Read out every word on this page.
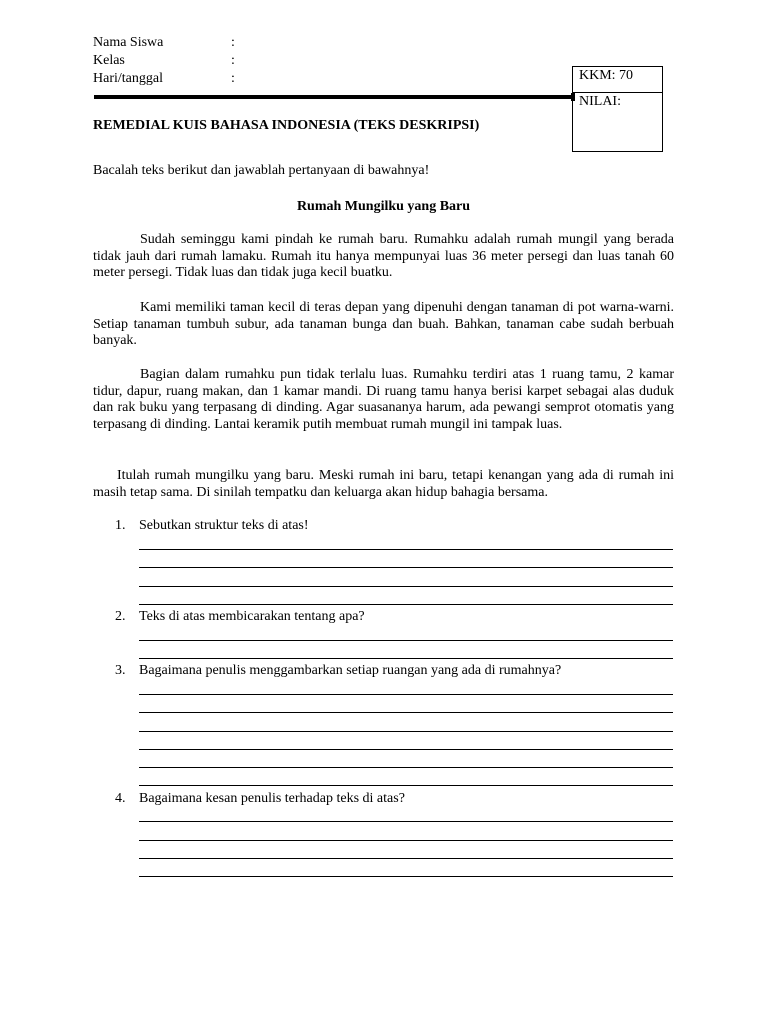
Nama Siswa	:
Kelas	:
Hari/tanggal	:	KKM: 70
NILAI:
REMEDIAL KUIS BAHASA INDONESIA (TEKS DESKRIPSI)
Bacalah teks berikut dan jawablah pertanyaan di bawahnya!
Rumah Mungilku yang Baru

Sudah seminggu kami pindah ke rumah baru. Rumahku adalah rumah mungil yang berada tidak jauh dari rumah lamaku. Rumah itu hanya mempunyai luas 36 meter persegi dan luas tanah 60 meter persegi. Tidak luas dan tidak juga kecil buatku.

Kami memiliki taman kecil di teras depan yang dipenuhi dengan tanaman di pot warna-warni. Setiap tanaman tumbuh subur, ada tanaman bunga dan buah. Bahkan, tanaman cabe sudah berbuah banyak.

Bagian dalam rumahku pun tidak terlalu luas. Rumahku terdiri atas 1 ruang tamu, 2 kamar tidur, dapur, ruang makan, dan 1 kamar mandi. Di ruang tamu hanya berisi karpet sebagai alas duduk dan rak buku yang terpasang di dinding. Agar suasananya harum, ada pewangi semprot otomatis yang terpasang di dinding. Lantai keramik putih membuat rumah mungil ini tampak luas.

Itulah rumah mungilku yang baru. Meski rumah ini baru, tetapi kenangan yang ada di rumah ini masih tetap sama. Di sinilah tempatku dan keluarga akan hidup bahagia bersama.

1. Sebutkan struktur teks di atas!
2. Teks di atas membicarakan tentang apa?
3. Bagaimana penulis menggambarkan setiap ruangan yang ada di rumahnya?
4. Bagaimana kesan penulis terhadap teks di atas?
